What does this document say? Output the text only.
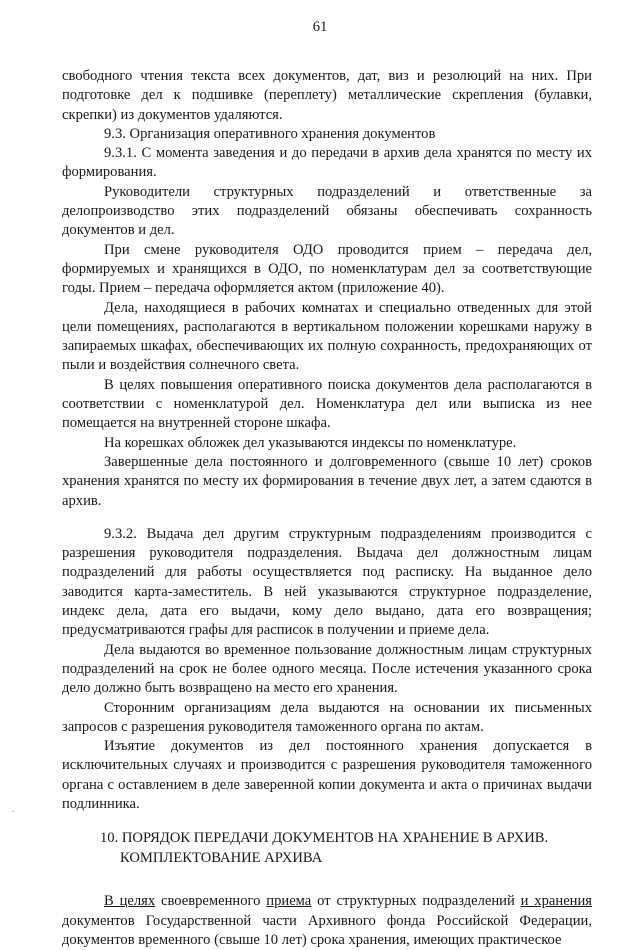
61

свободного чтения текста всех документов, дат, виз и резолюций на них. При подготовке дел к подшивке (переплету) металлические скрепления (булавки, скрепки) из документов удаляются.

9.3. Организация оперативного хранения документов

9.3.1. С момента заведения и до передачи в архив дела хранятся по месту их формирования.

Руководители структурных подразделений и ответственные за делопроизводство этих подразделений обязаны обеспечивать сохранность документов и дел.

При смене руководителя ОДО проводится прием – передача дел, формируемых и хранящихся в ОДО, по номенклатурам дел за соответствующие годы. Прием – передача оформляется актом (приложение 40).

Дела, находящиеся в рабочих комнатах и специально отведенных для этой цели помещениях, располагаются в вертикальном положении корешками наружу в запираемых шкафах, обеспечивающих их полную сохранность, предохраняющих от пыли и воздействия солнечного света.

В целях повышения оперативного поиска документов дела располагаются в соответствии с номенклатурой дел. Номенклатура дел или выписка из нее помещается на внутренней стороне шкафа.

На корешках обложек дел указываются индексы по номенклатуре.

Завершенные дела постоянного и долговременного (свыше 10 лет) сроков хранения хранятся по месту их формирования в течение двух лет, а затем сдаются в архив.

9.3.2. Выдача дел другим структурным подразделениям производится с разрешения руководителя подразделения. Выдача дел должностным лицам подразделений для работы осуществляется под расписку. На выданное дело заводится карта-заместитель. В ней указываются структурное подразделение, индекс дела, дата его выдачи, кому дело выдано, дата его возвращения; предусматриваются графы для расписок в получении и приеме дела.

Дела выдаются во временное пользование должностным лицам структурных подразделений на срок не более одного месяца. После истечения указанного срока дело должно быть возвращено на место его хранения.

Сторонним организациям дела выдаются на основании их письменных запросов с разрешения руководителя таможенного органа по актам.

Изъятие документов из дел постоянного хранения допускается в исключительных случаях и производится с разрешения руководителя таможенного органа с оставлением в деле заверенной копии документа и акта о причинах выдачи подлинника.

10. ПОРЯДОК ПЕРЕДАЧИ ДОКУМЕНТОВ НА ХРАНЕНИЕ В АРХИВ.
КОМПЛЕКТОВАНИЕ АРХИВА

В целях своевременного приема от структурных подразделений и хранения документов Государственной части Архивного фонда Российской Федерации, документов временного (свыше 10 лет) срока хранения, имеющих практическое

.
